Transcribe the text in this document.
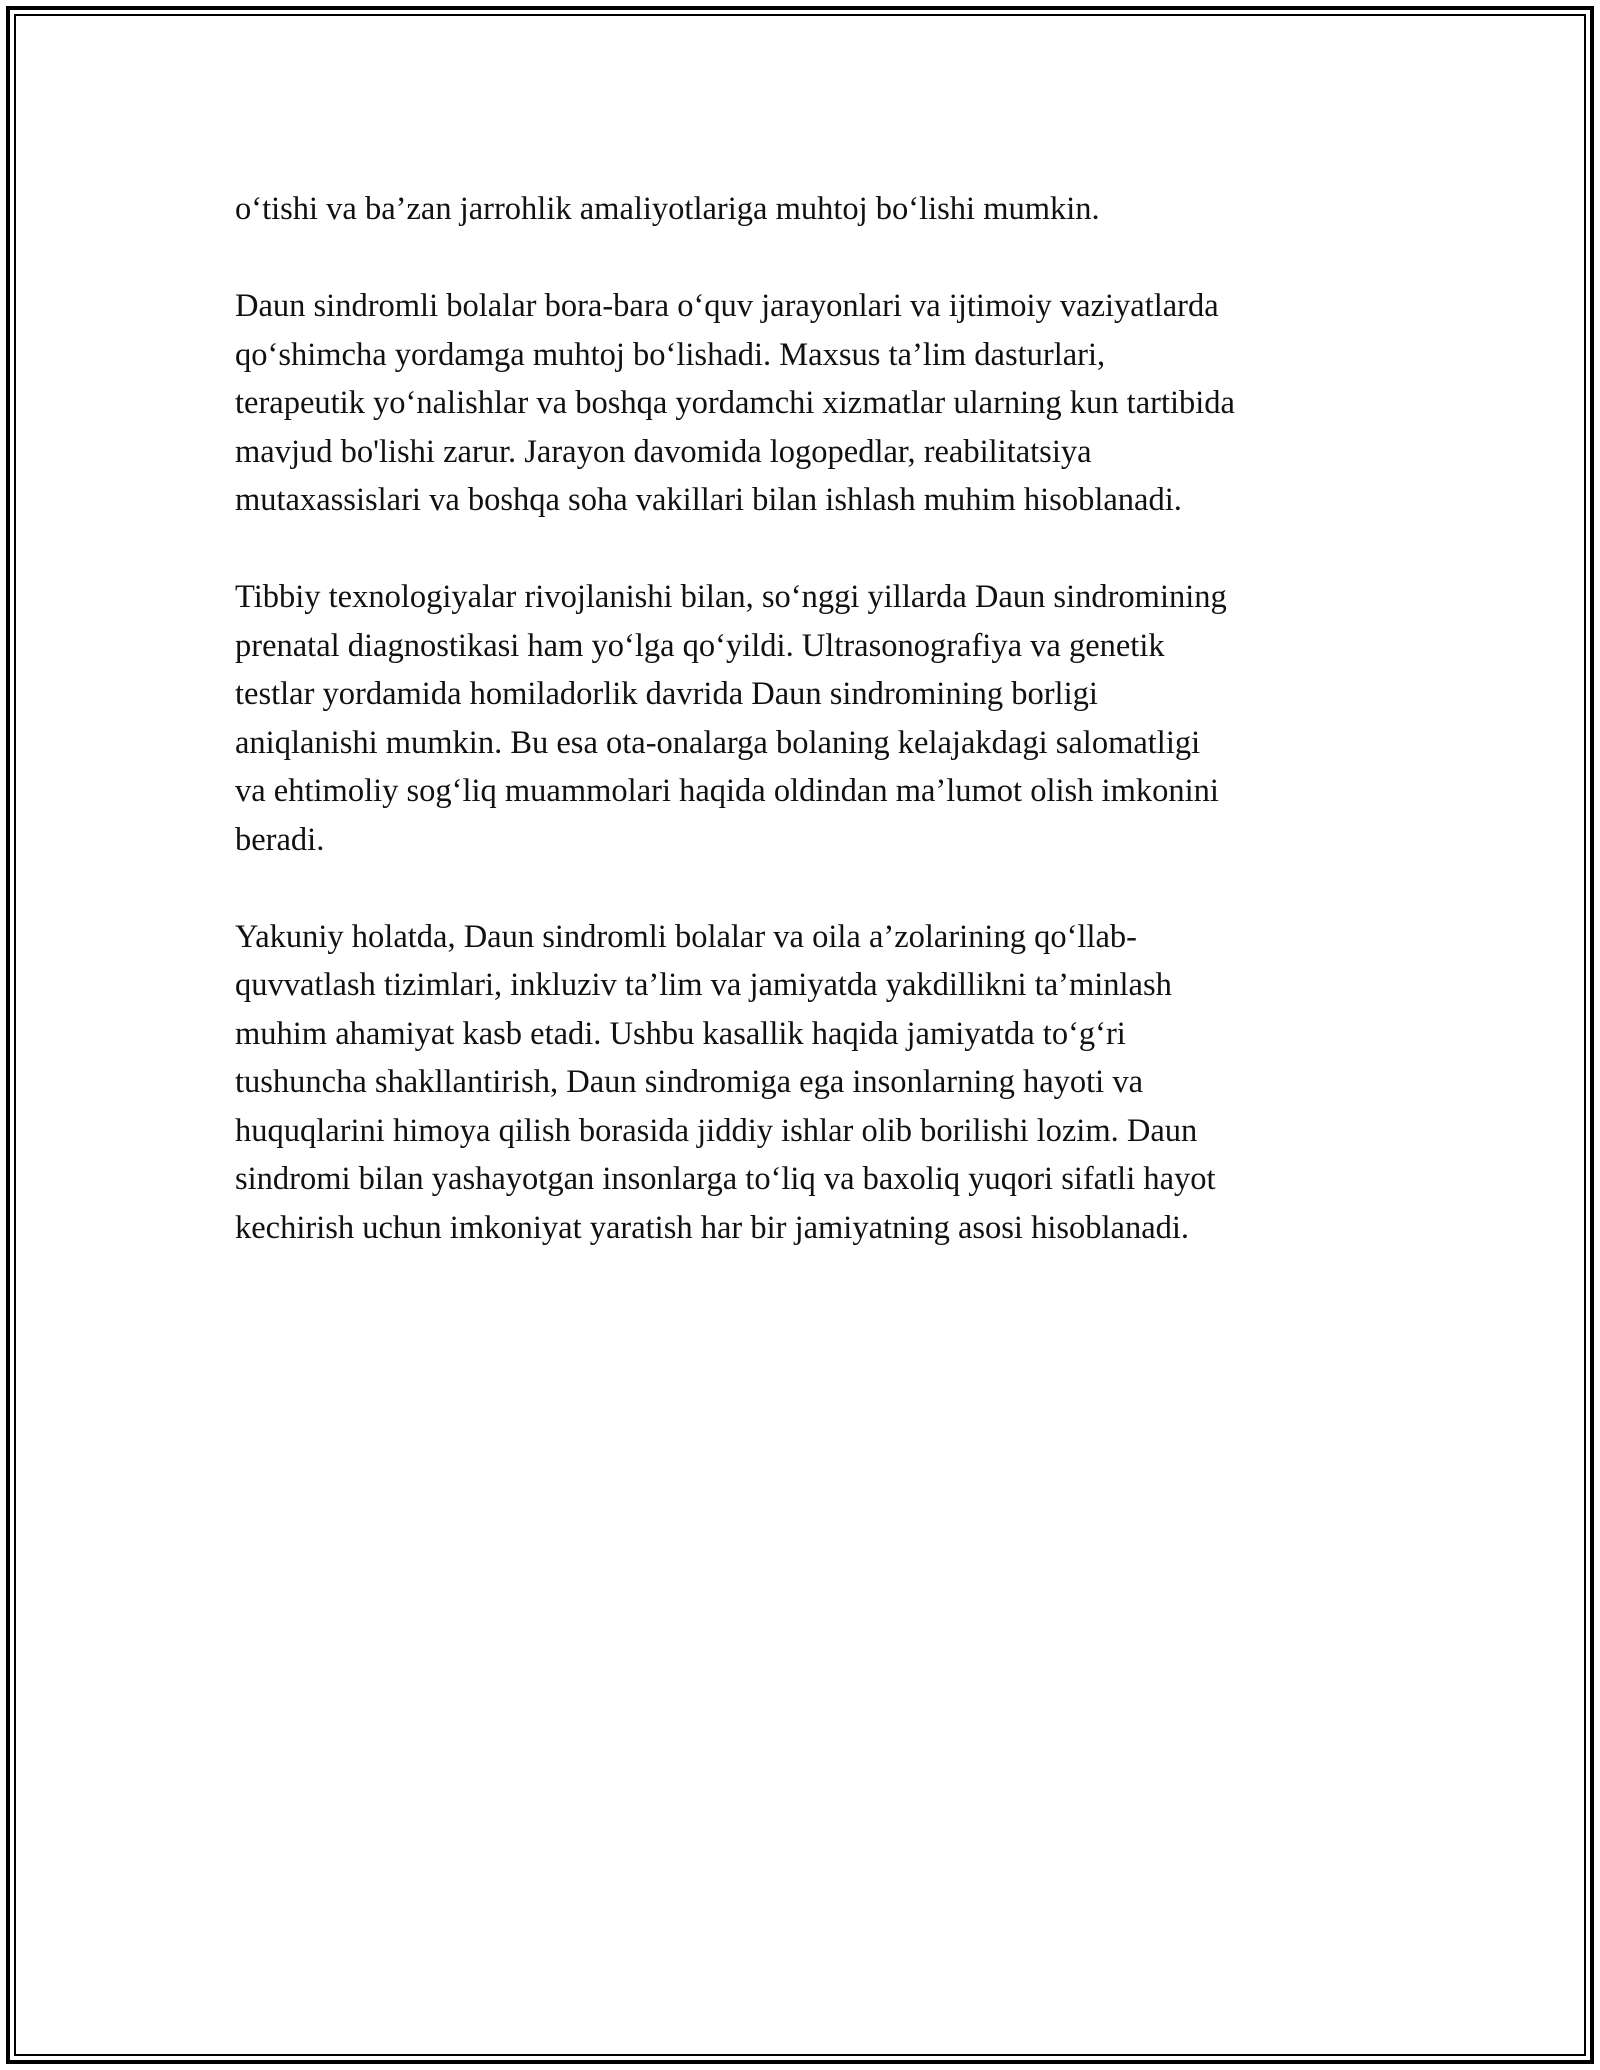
o‘tishi va ba’zan jarrohlik amaliyotlariga muhtoj bo‘lishi mumkin.

Daun sindromli bolalar bora-bara o‘quv jarayonlari va ijtimoiy vaziyatlarda
qo‘shimcha yordamga muhtoj bo‘lishadi. Maxsus ta’lim dasturlari,
terapeutik yo‘nalishlar va boshqa yordamchi xizmatlar ularning kun tartibida
mavjud bo'lishi zarur. Jarayon davomida logopedlar, reabilitatsiya
mutaxassislari va boshqa soha vakillari bilan ishlash muhim hisoblanadi.

Tibbiy texnologiyalar rivojlanishi bilan, so‘nggi yillarda Daun sindromining
prenatal diagnostikasi ham yo‘lga qo‘yildi. Ultrasonografiya va genetik
testlar yordamida homiladorlik davrida Daun sindromining borligi
aniqlanishi mumkin. Bu esa ota-onalarga bolaning kelajakdagi salomatligi
va ehtimoliy sog‘liq muammolari haqida oldindan ma’lumot olish imkonini
beradi.

Yakuniy holatda, Daun sindromli bolalar va oila a’zolarining qo‘llab-
quvvatlash tizimlari, inkluziv ta’lim va jamiyatda yakdillikni ta’minlash
muhim ahamiyat kasb etadi. Ushbu kasallik haqida jamiyatda to‘g‘ri
tushuncha shakllantirish, Daun sindromiga ega insonlarning hayoti va
huquqlarini himoya qilish borasida jiddiy ishlar olib borilishi lozim. Daun
sindromi bilan yashayotgan insonlarga to‘liq va baxoliq yuqori sifatli hayot
kechirish uchun imkoniyat yaratish har bir jamiyatning asosi hisoblanadi.
